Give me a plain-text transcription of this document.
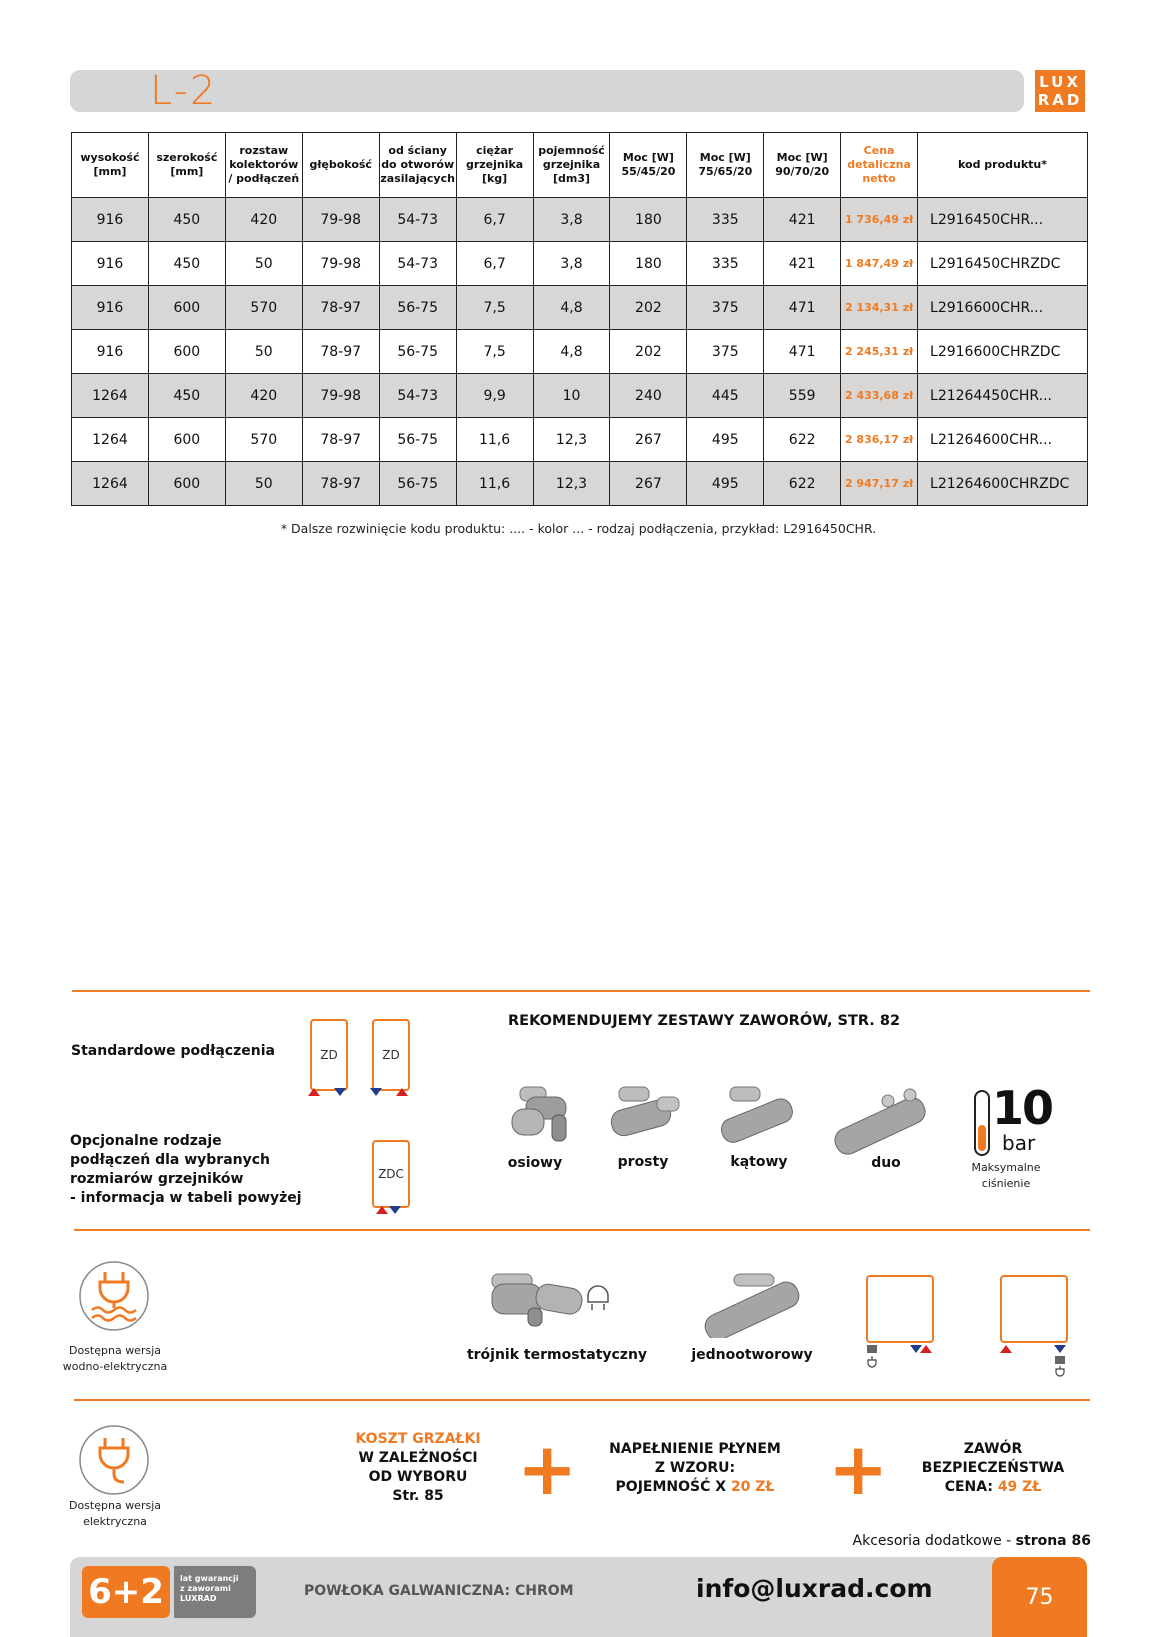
L-2	LUX
RAD
wysokość [mm]	szerokość [mm]	rozstaw kolektorów / podłączeń	głębokość	od ściany do otworów zasilających	ciężar grzejnika [kg]	pojemność grzejnika [dm3]	Moc [W] 55/45/20	Moc [W] 75/65/20	Moc [W] 90/70/20	Cena detaliczna netto	kod produktu*
916	450	420	79-98	54-73	6,7	3,8	180	335	421	1 736,49 zł	L2916450CHR...
916	450	50	79-98	54-73	6,7	3,8	180	335	421	1 847,49 zł	L2916450CHRZDC
916	600	570	78-97	56-75	7,5	4,8	202	375	471	2 134,31 zł	L2916600CHR...
916	600	50	78-97	56-75	7,5	4,8	202	375	471	2 245,31 zł	L2916600CHRZDC
1264	450	420	79-98	54-73	9,9	10	240	445	559	2 433,68 zł	L21264450CHR...
1264	600	570	78-97	56-75	11,6	12,3	267	495	622	2 836,17 zł	L21264600CHR...
1264	600	50	78-97	56-75	11,6	12,3	267	495	622	2 947,17 zł	L21264600CHRZDC
* Dalsze rozwinięcie kodu produktu: .... - kolor ... - rodzaj podłączenia, przykład: L2916450CHR.
Standardowe podłączenia	ZD	ZD
Opcjonalne rodzaje
podłączeń dla wybranych
rozmiarów grzejników
- informacja w tabeli powyżej
ZDC
REKOMENDUJEMY ZESTAWY ZAWORÓW, STR. 82
osiowy	prosty	kątowy	duo
10
bar
Maksymalne
ciśnienie
Dostępna wersja
wodno-elektryczna
trójnik termostatyczny	jednootworowy
Dostępna wersja
elektryczna
KOSZT GRZAŁKI
W ZALEŻNOŚCI
OD WYBORU
Str. 85	+	NAPEŁNIENIE PŁYNEM
Z WZORU:
POJEMNOŚĆ X 20 ZŁ +	ZAWÓR
BEZPIECZEŃSTWA
CENA: 49 ZŁ
Akcesoria dodatkowe - strona 86
6+2	lat gwarancji
z zaworami
LUXRAD	POWŁOKA GALWANICZNA: CHROM	info@luxrad.com	75
